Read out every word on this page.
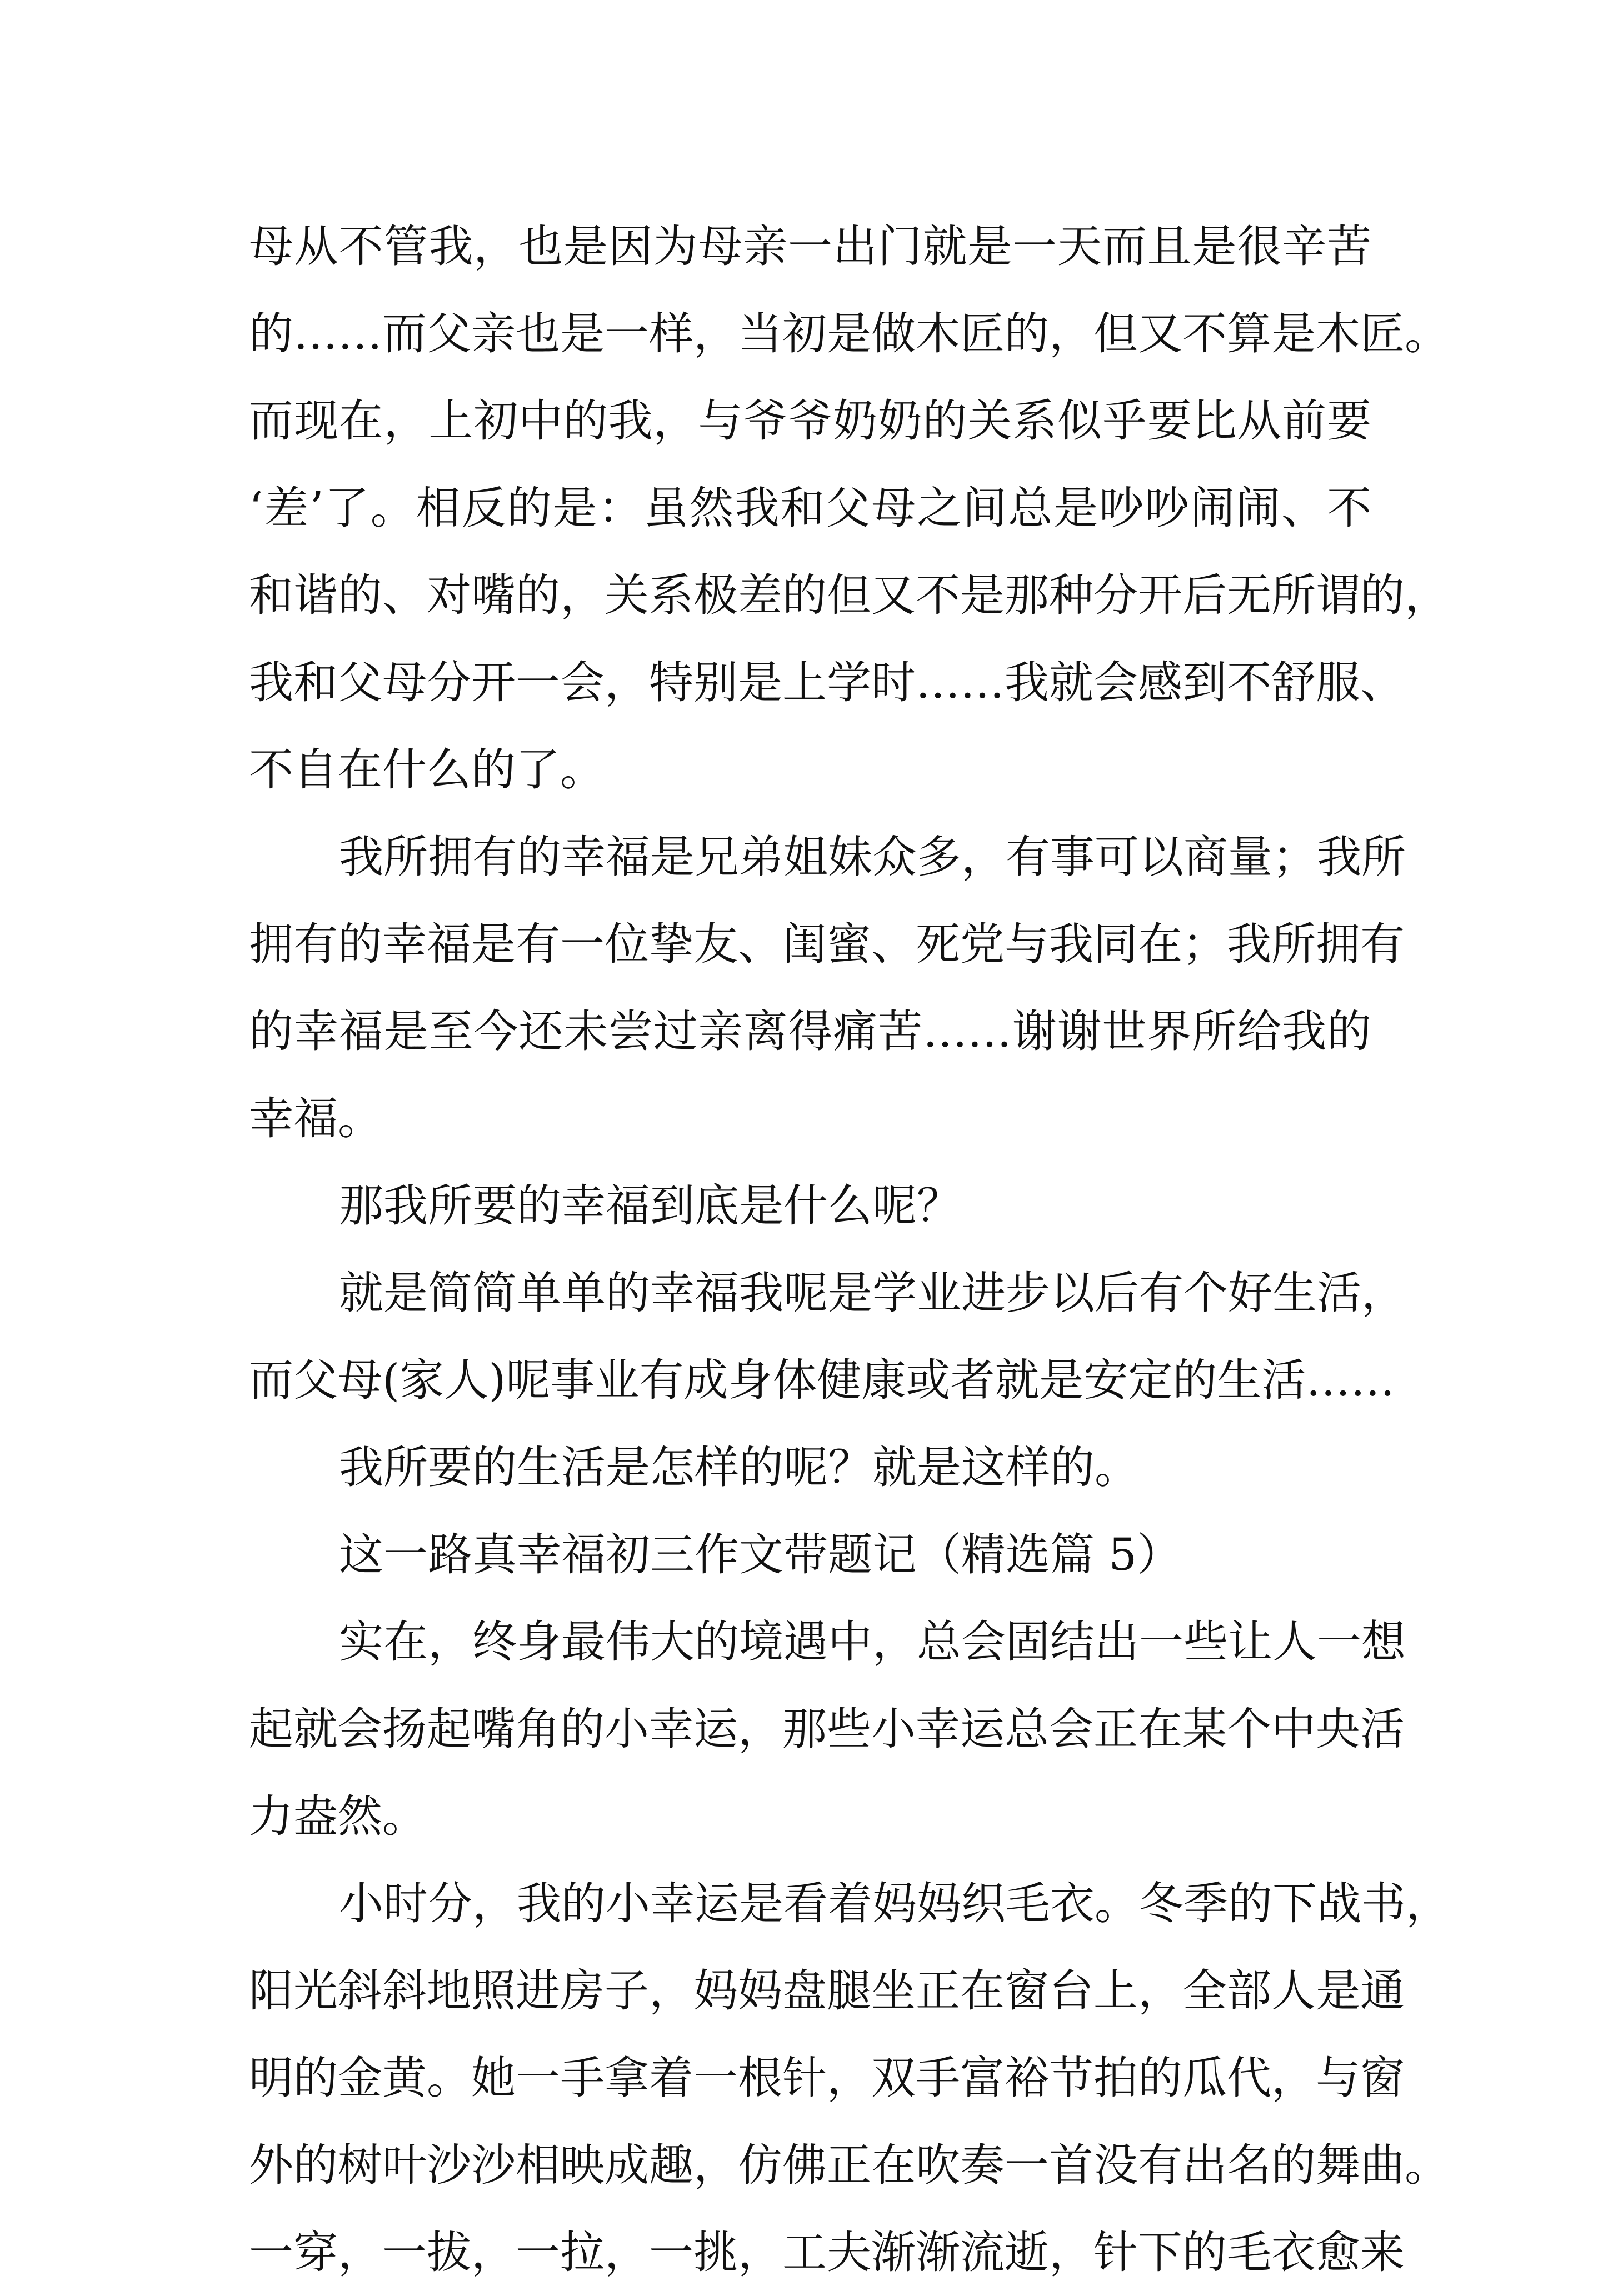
母从不管我，也是因为母亲一出门就是一天而且是很辛苦
的……而父亲也是一样，当初是做木匠的，但又不算是木匠。
而现在，上初中的我，与爷爷奶奶的关系似乎要比从前要
‘差’了。相反的是：虽然我和父母之间总是吵吵闹闹、不
和谐的、对嘴的，关系极差的但又不是那种分开后无所谓的，
我和父母分开一会，特别是上学时……我就会感到不舒服、
不自在什么的了。
我所拥有的幸福是兄弟姐妹众多，有事可以商量；我所
拥有的幸福是有一位挚友、闺蜜、死党与我同在；我所拥有
的幸福是至今还未尝过亲离得痛苦……谢谢世界所给我的
幸福。
那我所要的幸福到底是什么呢？
就是简简单单的幸福我呢是学业进步以后有个好生活，
而父母(家人)呢事业有成身体健康或者就是安定的生活……
我所要的生活是怎样的呢？就是这样的。
这一路真幸福初三作文带题记（精选篇 5）
实在，终身最伟大的境遇中，总会固结出一些让人一想
起就会扬起嘴角的小幸运，那些小幸运总会正在某个中央活
力盎然。
小时分，我的小幸运是看着妈妈织毛衣。冬季的下战书，
阳光斜斜地照进房子，妈妈盘腿坐正在窗台上，全部人是通
明的金黄。她一手拿着一根针，双手富裕节拍的瓜代，与窗
外的树叶沙沙相映成趣，仿佛正在吹奏一首没有出名的舞曲。
一穿，一拔，一拉，一挑，工夫渐渐流逝，针下的毛衣愈来
